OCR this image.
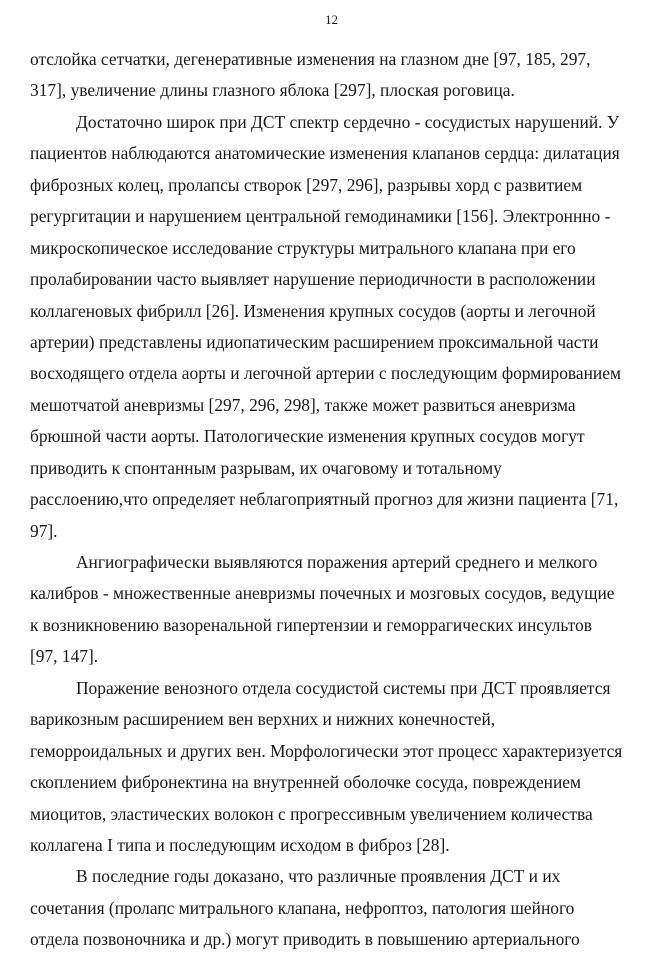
12
отслойка сетчатки, дегенеративные изменения на глазном дне [97, 185, 297,
317], увеличение длины глазного яблока [297], плоская роговица.
Достаточно широк при ДСТ спектр сердечно - сосудистых нарушений. У
пациентов наблюдаются анатомические изменения клапанов сердца: дилатация
фиброзных колец, пролапсы створок [297, 296], разрывы хорд с развитием
регургитации и нарушением центральной гемодинамики [156]. Электроннно -
микроскопическое исследование структуры митрального клапана при его
пролабировании часто выявляет нарушение периодичности в расположении
коллагеновых фибрилл [26]. Изменения крупных сосудов (аорты и легочной
артерии) представлены идиопатическим расширением проксимальной части
восходящего отдела аорты и легочной артерии с последующим формированием
мешотчатой аневризмы [297, 296, 298], также может развиться аневризма
брюшной части аорты. Патологические изменения крупных сосудов могут
приводить к спонтанным разрывам, их очаговому и тотальному
расслоению,что определяет неблагоприятный прогноз для жизни пациента [71,
97].
Ангиографически выявляются поражения артерий среднего и мелкого
калибров - множественные аневризмы почечных и мозговых сосудов, ведущие
к возникновению вазоренальной гипертензии и геморрагических инсультов
[97, 147].
Поражение венозного отдела сосудистой системы при ДСТ проявляется
варикозным расширением вен верхних и нижних конечностей,
геморроидальных и других вен. Морфологически этот процесс характеризуется
скоплением фибронектина на внутренней оболочке сосуда, повреждением
миоцитов, эластических волокон с прогрессивным увеличением количества
коллагена I типа и последующим исходом в фиброз [28].
В последние годы доказано, что различные проявления ДСТ и их
сочетания (пролапс митрального клапана, нефроптоз, патология шейного
отдела позвоночника и др.) могут приводить в повышению артериального
